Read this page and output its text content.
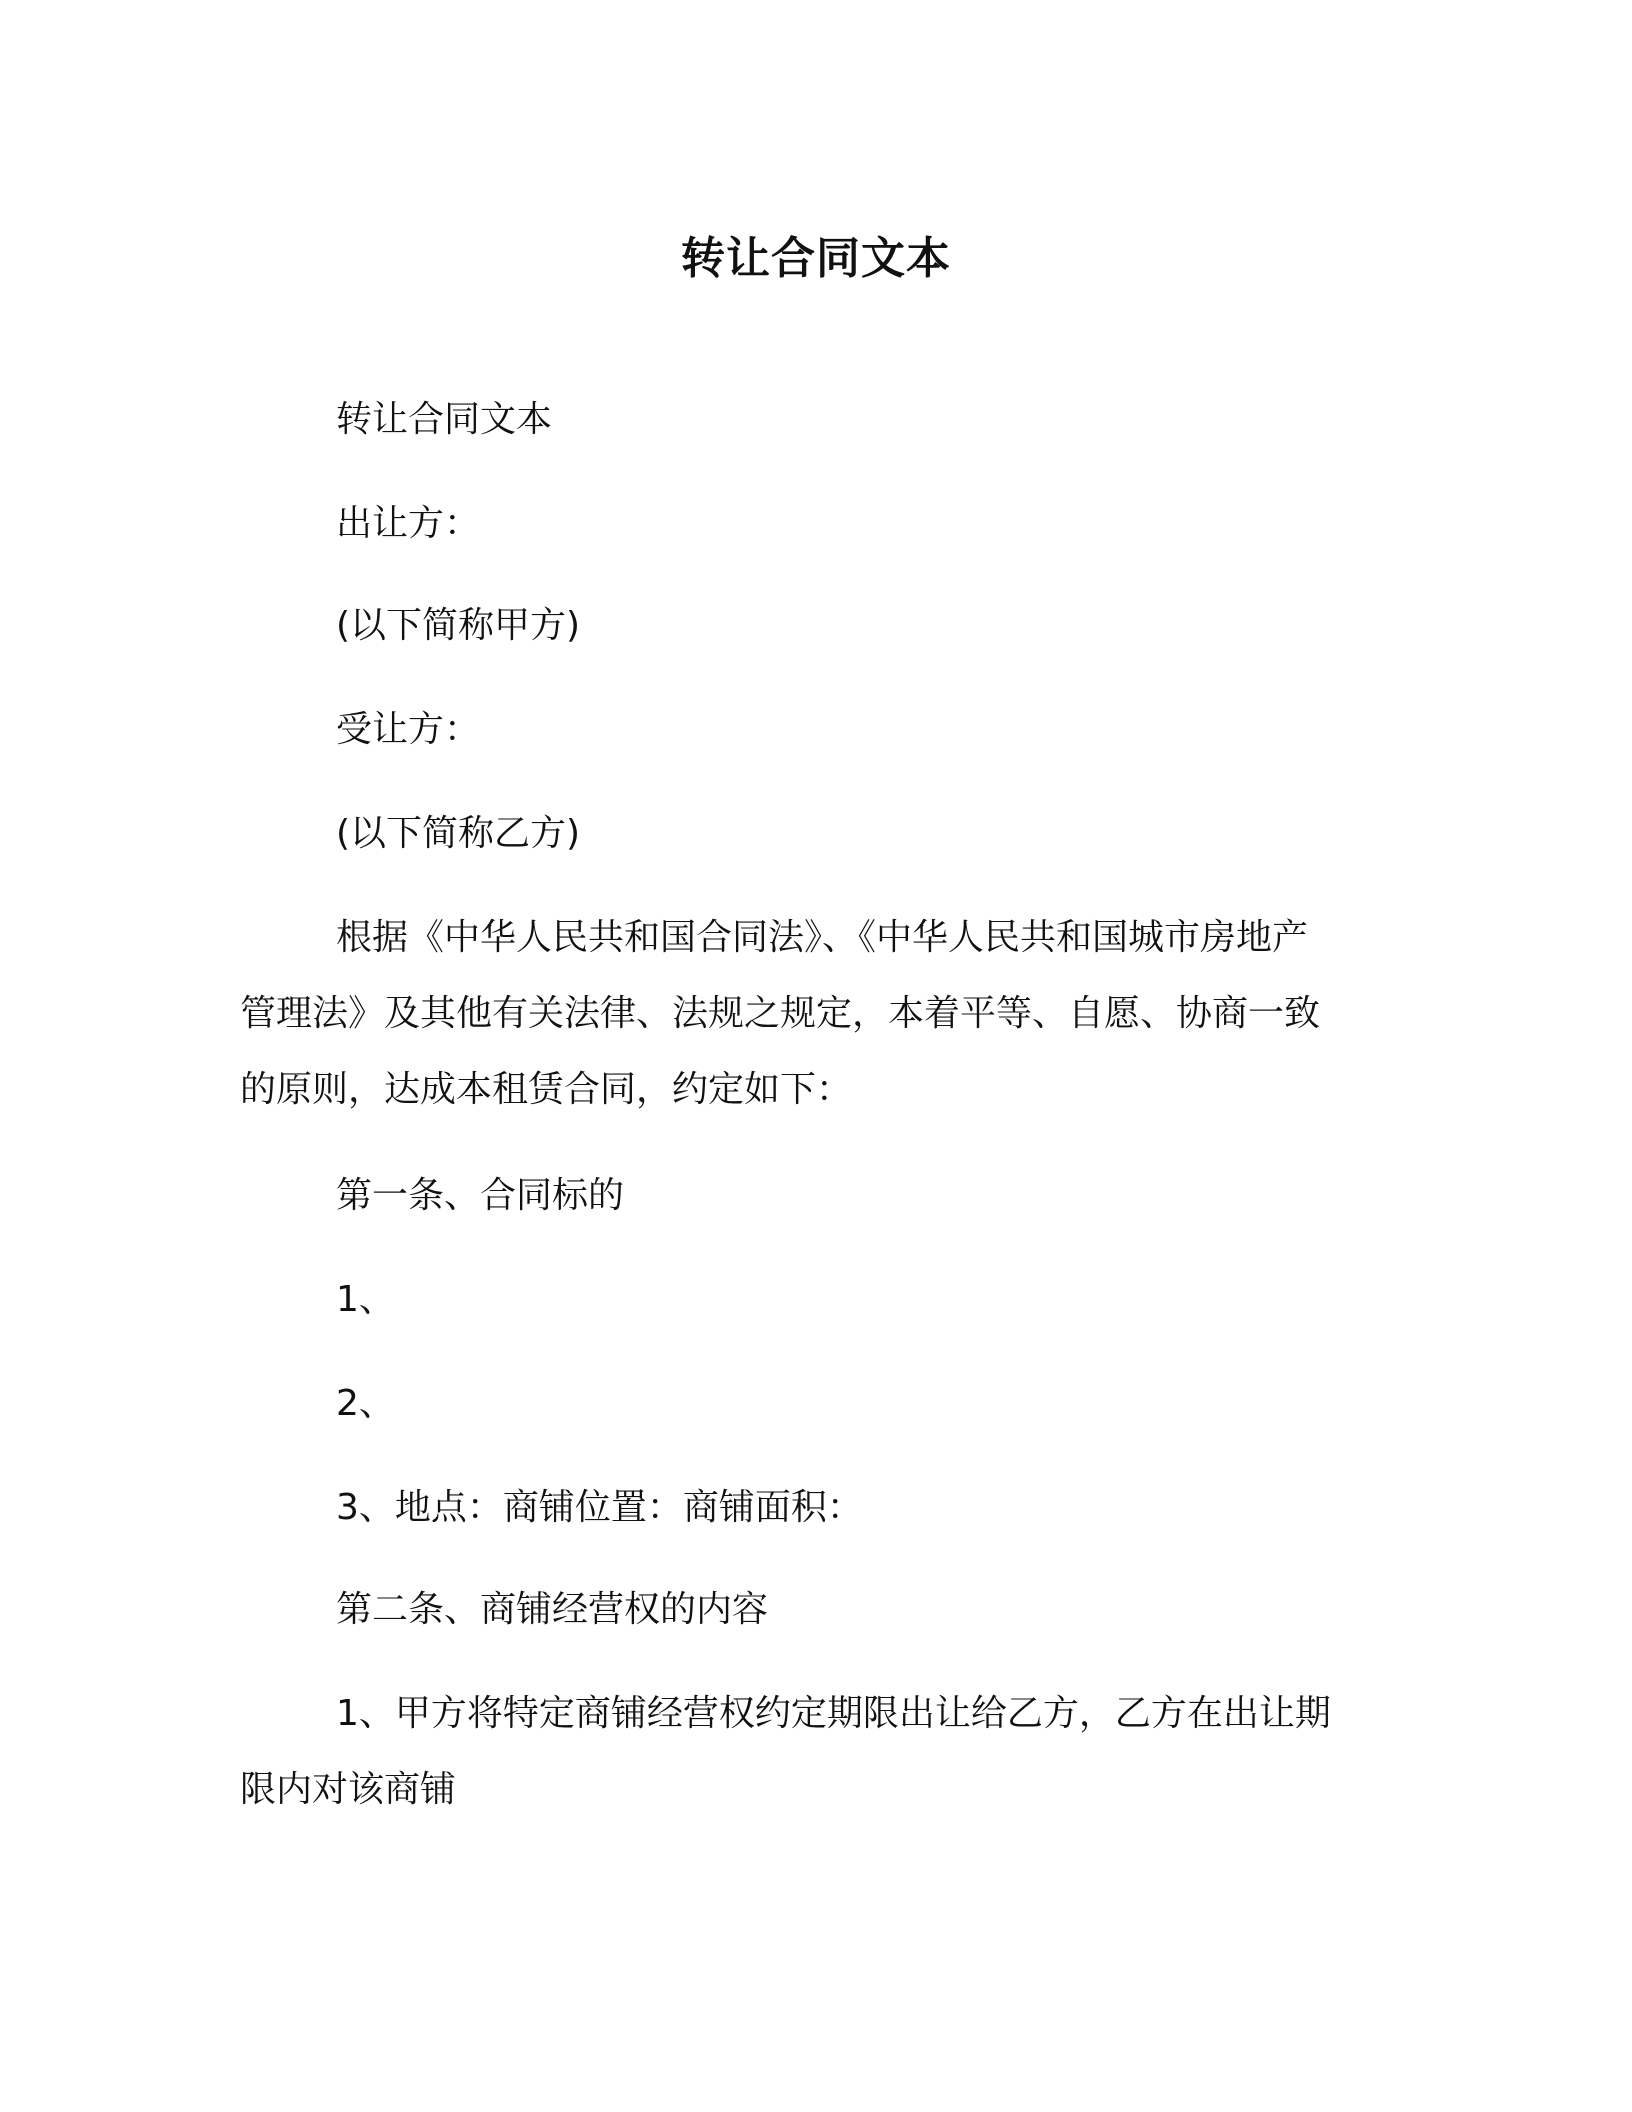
转让合同文本
转让合同文本
出让方：
(以下简称甲方)
受让方：
(以下简称乙方)
根据《中华人民共和国合同法》、《中华人民共和国城市房地产
管理法》及其他有关法律、法规之规定，本着平等、自愿、协商一致
的原则，达成本租赁合同，约定如下：
第一条、合同标的
1、
2、
3、地点：商铺位置：商铺面积：
第二条、商铺经营权的内容
1、甲方将特定商铺经营权约定期限出让给乙方，乙方在出让期
限内对该商铺
